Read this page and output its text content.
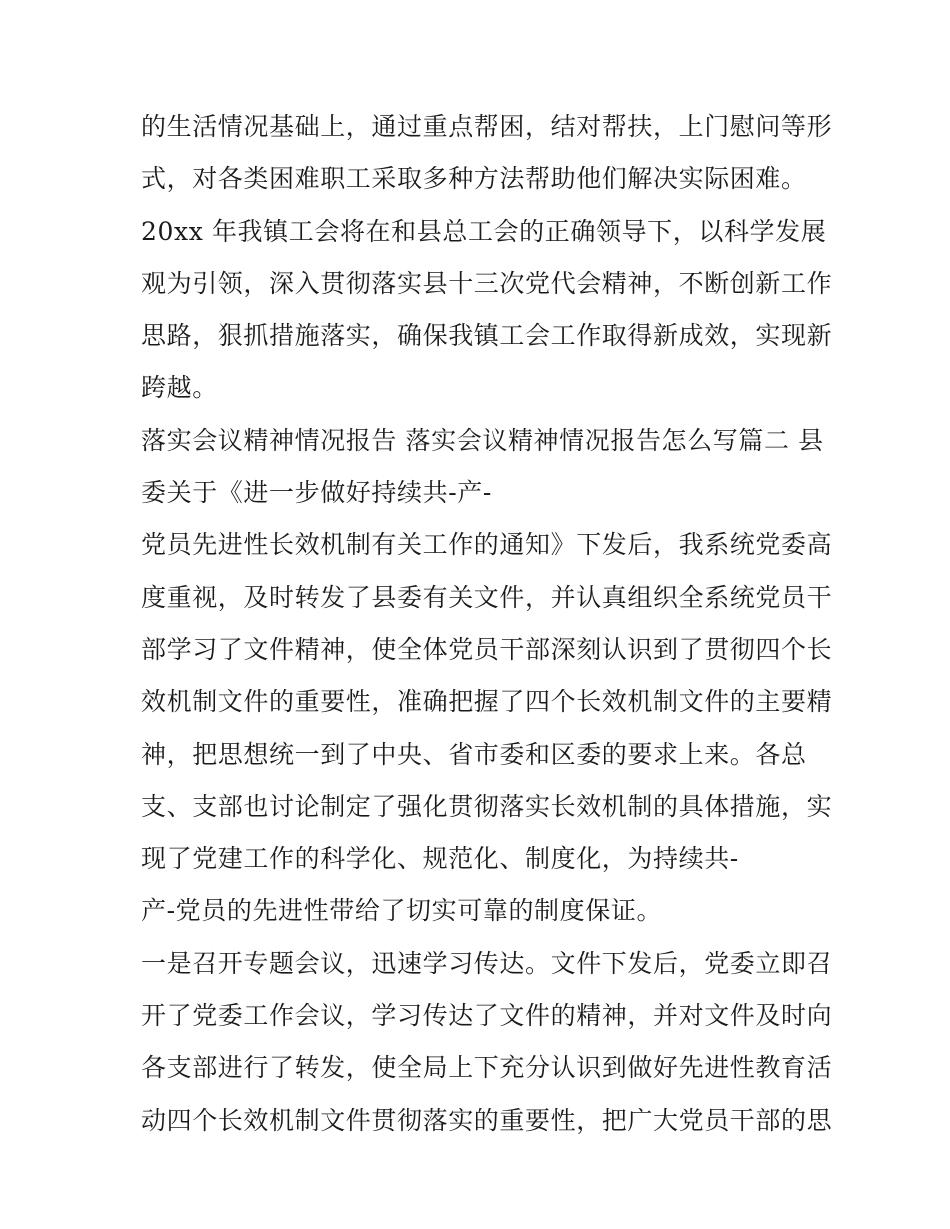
的生活情况基础上，通过重点帮困，结对帮扶，上门慰问等形
式，对各类困难职工采取多种方法帮助他们解决实际困难。
20xx 年我镇工会将在和县总工会的正确领导下，以科学发展
观为引领，深入贯彻落实县十三次党代会精神，不断创新工作
思路，狠抓措施落实，确保我镇工会工作取得新成效，实现新
跨越。
落实会议精神情况报告 落实会议精神情况报告怎么写篇二 县
委关于《进一步做好持续共-产-
党员先进性长效机制有关工作的通知》下发后，我系统党委高
度重视，及时转发了县委有关文件，并认真组织全系统党员干
部学习了文件精神，使全体党员干部深刻认识到了贯彻四个长
效机制文件的重要性，准确把握了四个长效机制文件的主要精
神，把思想统一到了中央、省市委和区委的要求上来。各总
支、支部也讨论制定了强化贯彻落实长效机制的具体措施，实
现了党建工作的科学化、规范化、制度化，为持续共-
产-党员的先进性带给了切实可靠的制度保证。
一是召开专题会议，迅速学习传达。文件下发后，党委立即召
开了党委工作会议，学习传达了文件的精神，并对文件及时向
各支部进行了转发，使全局上下充分认识到做好先进性教育活
动四个长效机制文件贯彻落实的重要性，把广大党员干部的思
